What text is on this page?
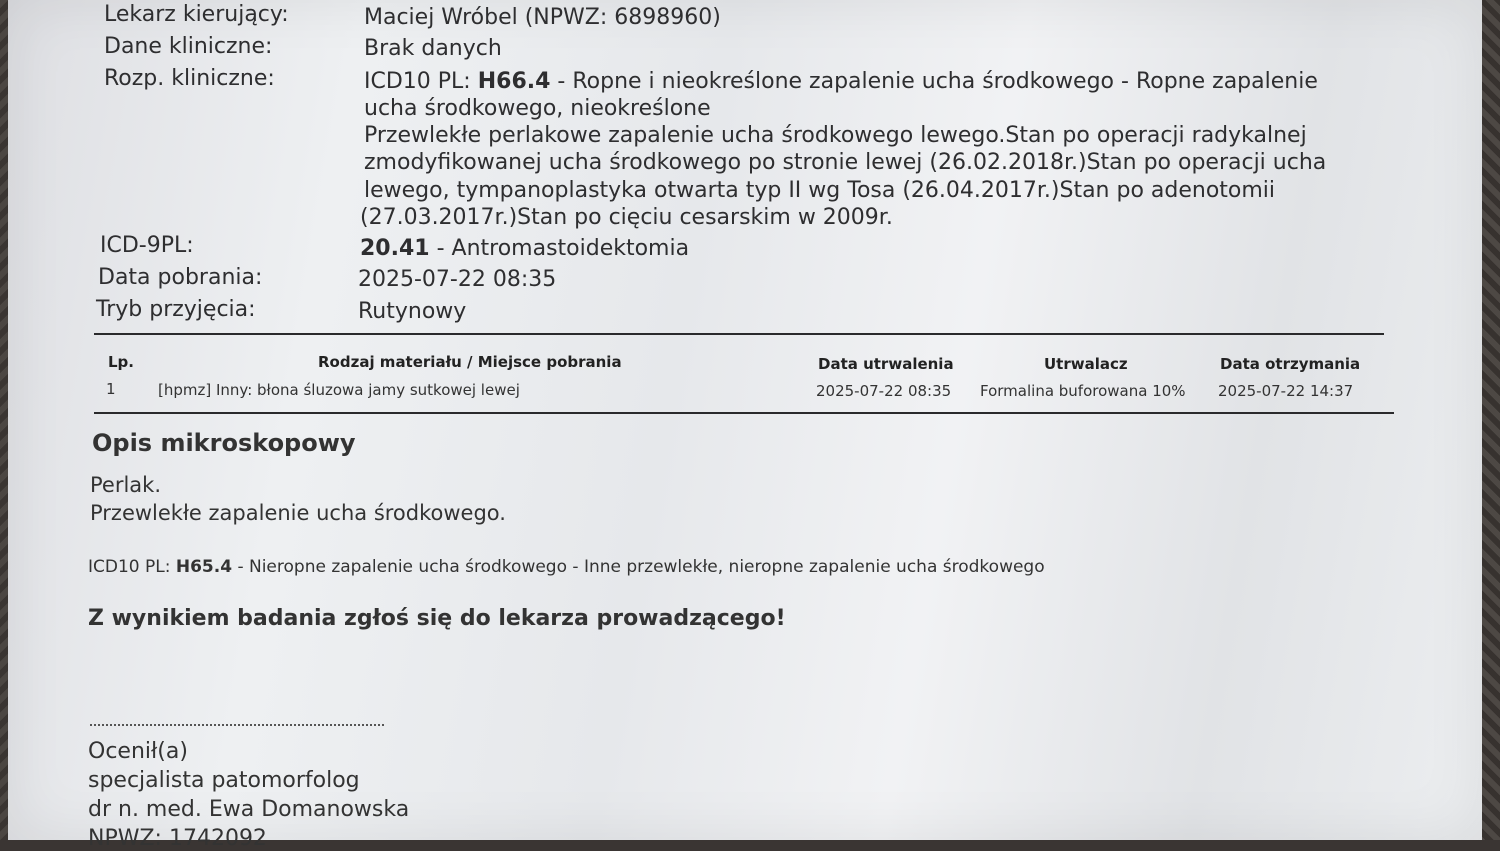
Lekarz kierujący:	Maciej Wróbel (NPWZ: 6898960)
Dane kliniczne:	Brak danych
Rozp. kliniczne:	ICD10 PL: H66.4 - Ropne i nieokreślone zapalenie ucha środkowego - Ropne zapalenie
ucha środkowego, nieokreślone
Przewlekłe perlakowe zapalenie ucha środkowego lewego.Stan po operacji radykalnej
zmodyfikowanej ucha środkowego po stronie lewej (26.02.2018r.)Stan po operacji ucha
lewego, tympanoplastyka otwarta typ II wg Tosa (26.04.2017r.)Stan po adenotomii
(27.03.2017r.)Stan po cięciu cesarskim w 2009r.
ICD-9PL:	20.41 - Antromastoidektomia
Data pobrania:	2025-07-22 08:35
Tryb przyjęcia:	Rutynowy
Lp.	Rodzaj materiału / Miejsce pobrania	Data utrwalenia	Utrwalacz	Data otrzymania
1	[hpmz] Inny: błona śluzowa jamy sutkowej lewej	2025-07-22 08:35 Formalina buforowana 10% 2025-07-22 14:37
Opis mikroskopowy
Perlak.
Przewlekłe zapalenie ucha środkowego.
ICD10 PL: H65.4 - Nieropne zapalenie ucha środkowego - Inne przewlekłe, nieropne zapalenie ucha środkowego
Z wynikiem badania zgłoś się do lekarza prowadzącego!
Ocenił(a)
specjalista patomorfolog
dr n. med. Ewa Domanowska
NPWZ: 1742092
